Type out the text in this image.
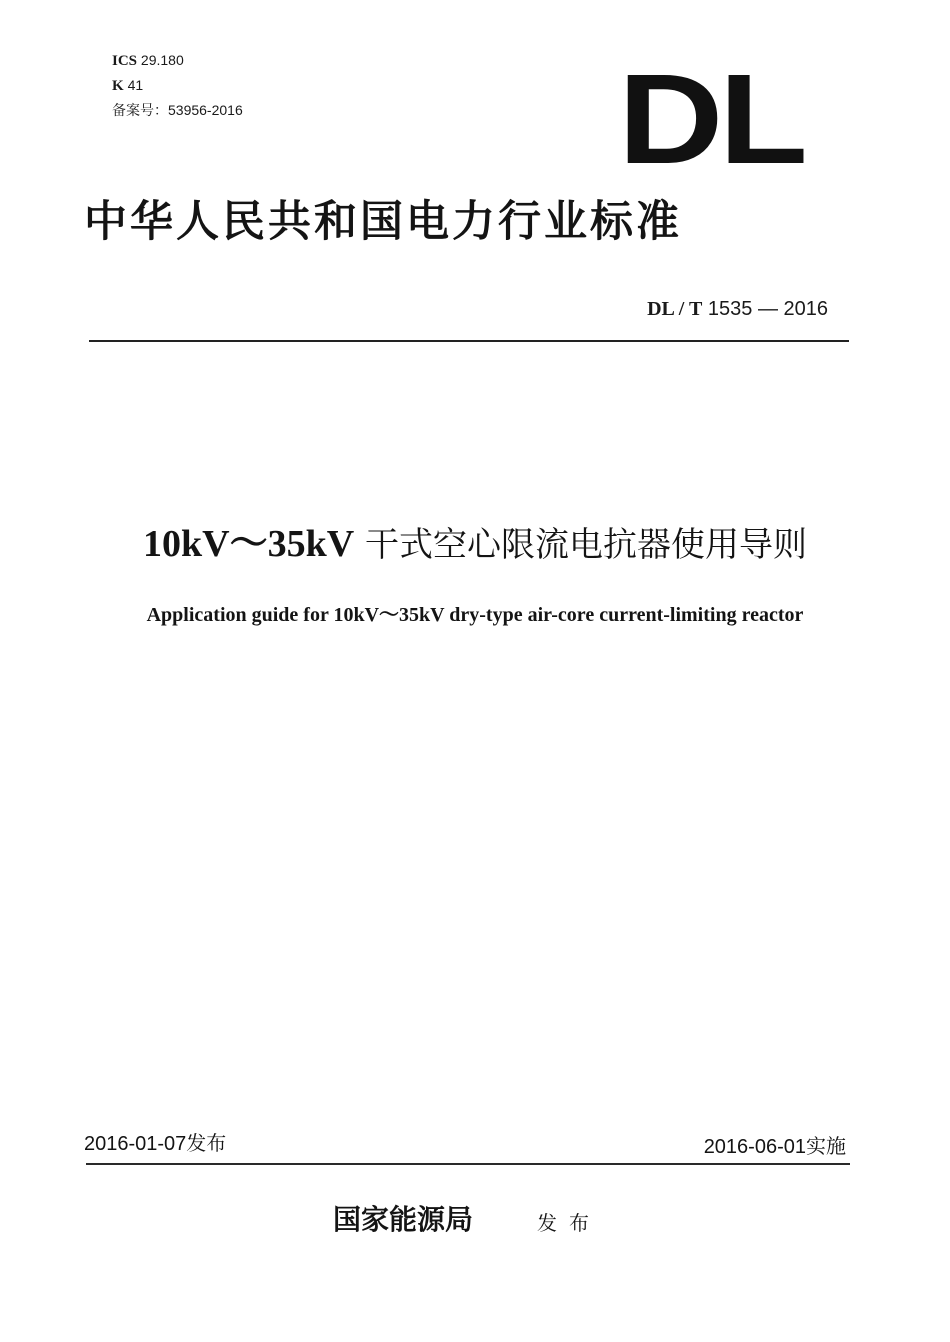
ICS 29.180
K 41
备案号：53956-2016	DL
中华人民共和国电力行业标准
DL / T 1535 — 2016
10kV～35kV 干式空心限流电抗器使用导则
Application guide for 10kV～35kV dry-type air-core current-limiting reactor
2016-01-07发布	2016-06-01实施
国家能源局	发布
